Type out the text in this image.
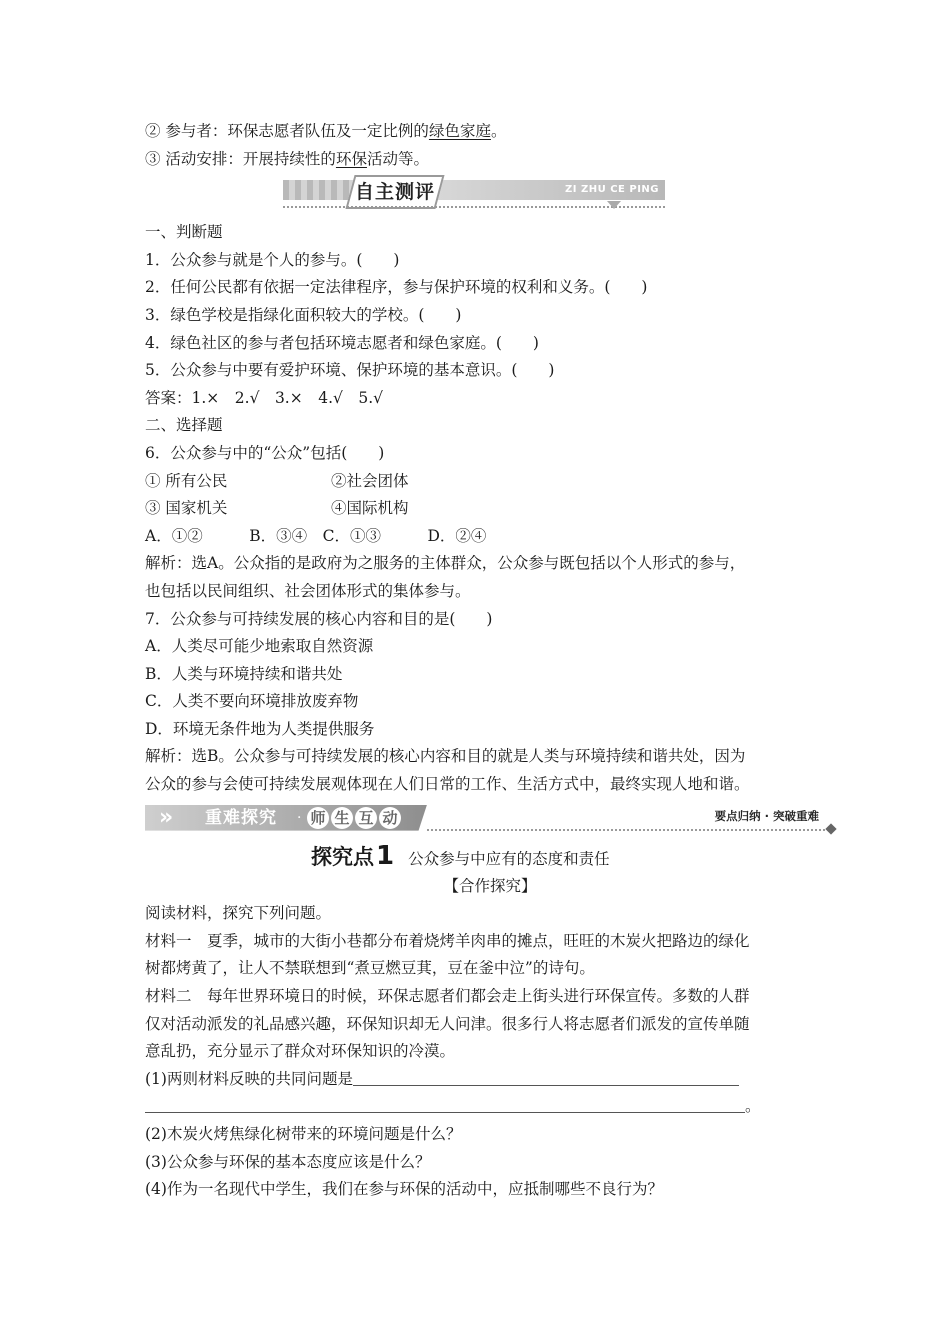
② 参与者：环保志愿者队伍及一定比例的绿色家庭。
③ 活动安排：开展持续性的环保活动等。
ZI ZHU CE PING
自主测评
一、判断题
1．公众参与就是个人的参与。(　　)
2．任何公民都有依据一定法律程序，参与保护环境的权利和义务。(　　)
3．绿色学校是指绿化面积较大的学校。(　　)
4．绿色社区的参与者包括环境志愿者和绿色家庭。(　　)
5．公众参与中要有爱护环境、保护环境的基本意识。(　　)
答案：1.×　2.√　3.×　4.√　5.√
二、选择题
6．公众参与中的“公众”包括(　　)
① 所有公民	②社会团体
③ 国家机关	④国际机构
A．①②　　　B．③④　C．①③　　　D．②④
解析：选A。公众指的是政府为之服务的主体群众，公众参与既包括以个人形式的参与，
也包括以民间组织、社会团体形式的集体参与。
7．公众参与可持续发展的核心内容和目的是(　　)
A．人类尽可能少地索取自然资源
B．人类与环境持续和谐共处
C．人类不要向环境排放废弃物
D．环境无条件地为人类提供服务
解析：选B。公众参与可持续发展的核心内容和目的就是人类与环境持续和谐共处，因为
公众的参与会使可持续发展观体现在人们日常的工作、生活方式中，最终实现人地和谐。
» 重难探究 · 师 生 互 动	要点归纳 · 突破重难
探究点1 公众参与中应有的态度和责任
【合作探究】
阅读材料，探究下列问题。
材料一　夏季，城市的大街小巷都分布着烧烤羊肉串的摊点，旺旺的木炭火把路边的绿化
树都烤黄了，让人不禁联想到“煮豆燃豆萁，豆在釜中泣”的诗句。
材料二　每年世界环境日的时候，环保志愿者们都会走上街头进行环保宣传。多数的人群
仅对活动派发的礼品感兴趣，环保知识却无人问津。很多行人将志愿者们派发的宣传单随
意乱扔，充分显示了群众对环保知识的冷漠。
(1)两则材料反映的共同问题是
。
(2)木炭火烤焦绿化树带来的环境问题是什么？
(3)公众参与环保的基本态度应该是什么？
(4)作为一名现代中学生，我们在参与环保的活动中，应抵制哪些不良行为？
